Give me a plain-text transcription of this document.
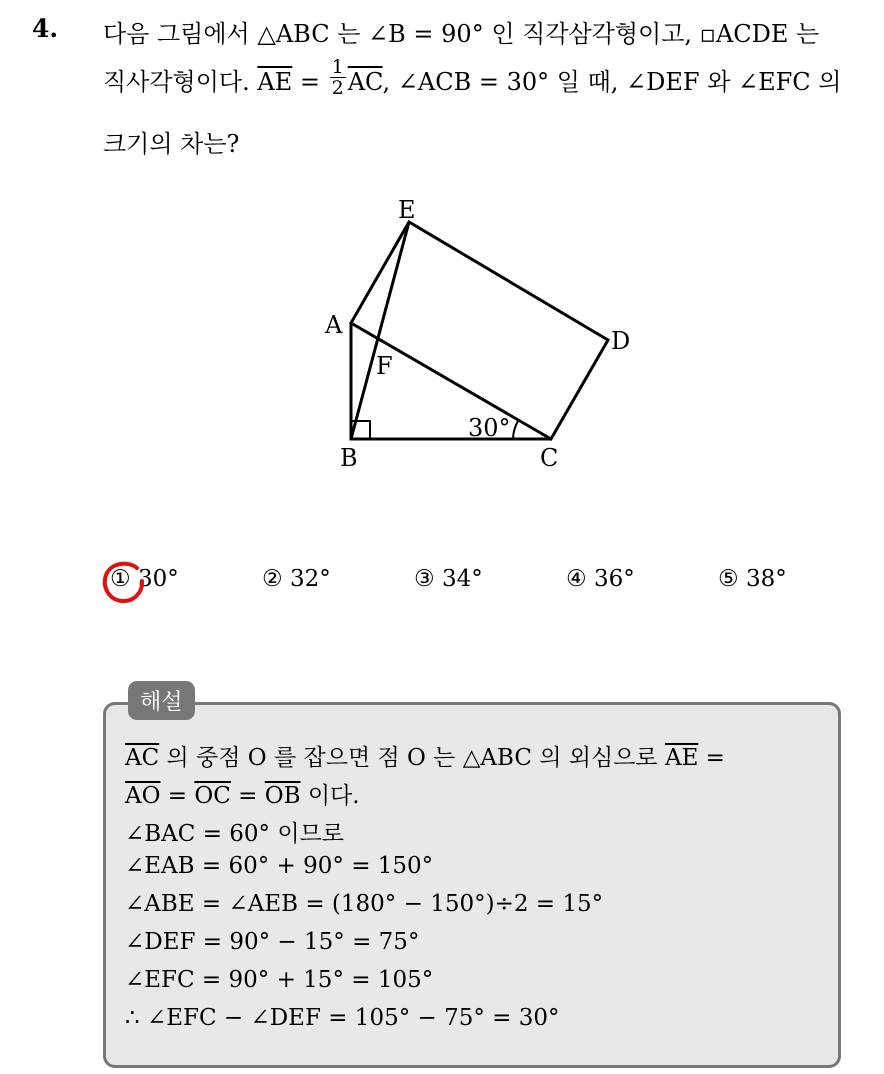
4. 다음 그림에서 △ABC 는 ∠B = 90° 인 직각삼각형이고, ▫ACDE 는
직사각형이다. $\overline{AE} = \frac{1}{2} \overline{AC}$, ∠ACB = 30° 일 때, ∠DEF 와 ∠EFC 의
크기의 차는?
E
A
F
D
B	C
30°
① 30°	② 32°	③ 34°	④ 36°	⑤ 38°
해설
$\overline{AC}$ 의 중점 O 를 잡으면 점 O 는 △ABC 의 외심으로 $\overline{AE}$ =
$\overline{AO} = \overline{OC} = \overline{OB}$ 이다.
∠BAC = 60° 이므로
∠EAB = 60° + 90° = 150°
∠ABE = ∠AEB = (180° − 150°)÷2 = 15°
∠DEF = 90° − 15° = 75°
∠EFC = 90° + 15° = 105°
∴ ∠EFC − ∠DEF = 105° − 75° = 30°
